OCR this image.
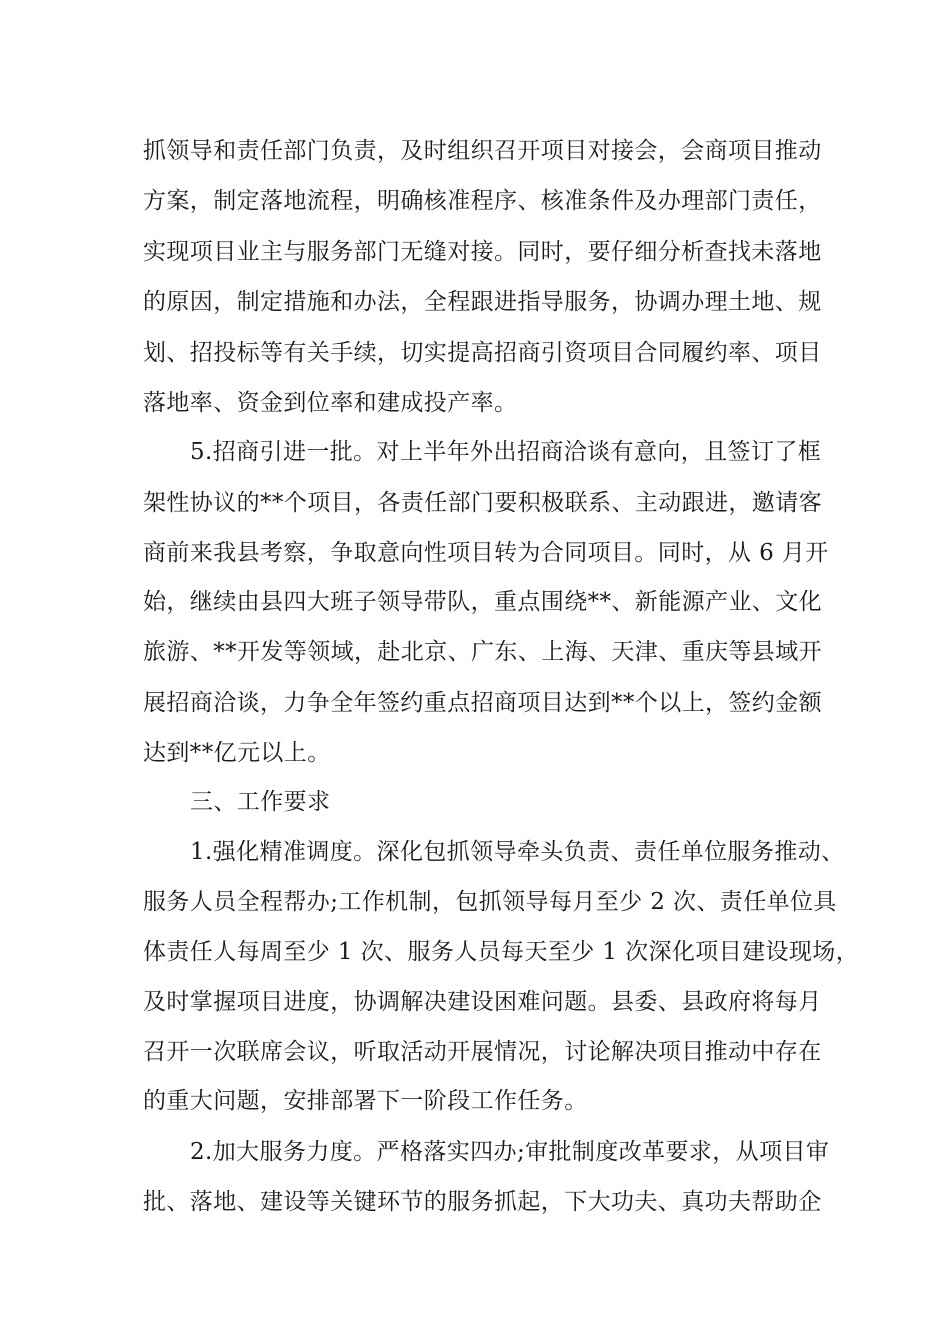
抓领导和责任部门负责，及时组织召开项目对接会，会商项目推动
方案，制定落地流程，明确核准程序、核准条件及办理部门责任，
实现项目业主与服务部门无缝对接。同时，要仔细分析查找未落地
的原因，制定措施和办法，全程跟进指导服务，协调办理土地、规
划、招投标等有关手续，切实提高招商引资项目合同履约率、项目
落地率、资金到位率和建成投产率。
5.招商引进一批。对上半年外出招商洽谈有意向，且签订了框
架性协议的**个项目，各责任部门要积极联系、主动跟进，邀请客
商前来我县考察，争取意向性项目转为合同项目。同时，从 6 月开
始，继续由县四大班子领导带队，重点围绕**、新能源产业、文化
旅游、**开发等领域，赴北京、广东、上海、天津、重庆等县域开
展招商洽谈，力争全年签约重点招商项目达到**个以上，签约金额
达到**亿元以上。
三、工作要求
1.强化精准调度。深化包抓领导牵头负责、责任单位服务推动、
服务人员全程帮办;工作机制，包抓领导每月至少 2 次、责任单位具
体责任人每周至少 1 次、服务人员每天至少 1 次深化项目建设现场，
及时掌握项目进度，协调解决建设困难问题。县委、县政府将每月
召开一次联席会议，听取活动开展情况，讨论解决项目推动中存在
的重大问题，安排部署下一阶段工作任务。
2.加大服务力度。严格落实四办;审批制度改革要求，从项目审
批、落地、建设等关键环节的服务抓起，下大功夫、真功夫帮助企
